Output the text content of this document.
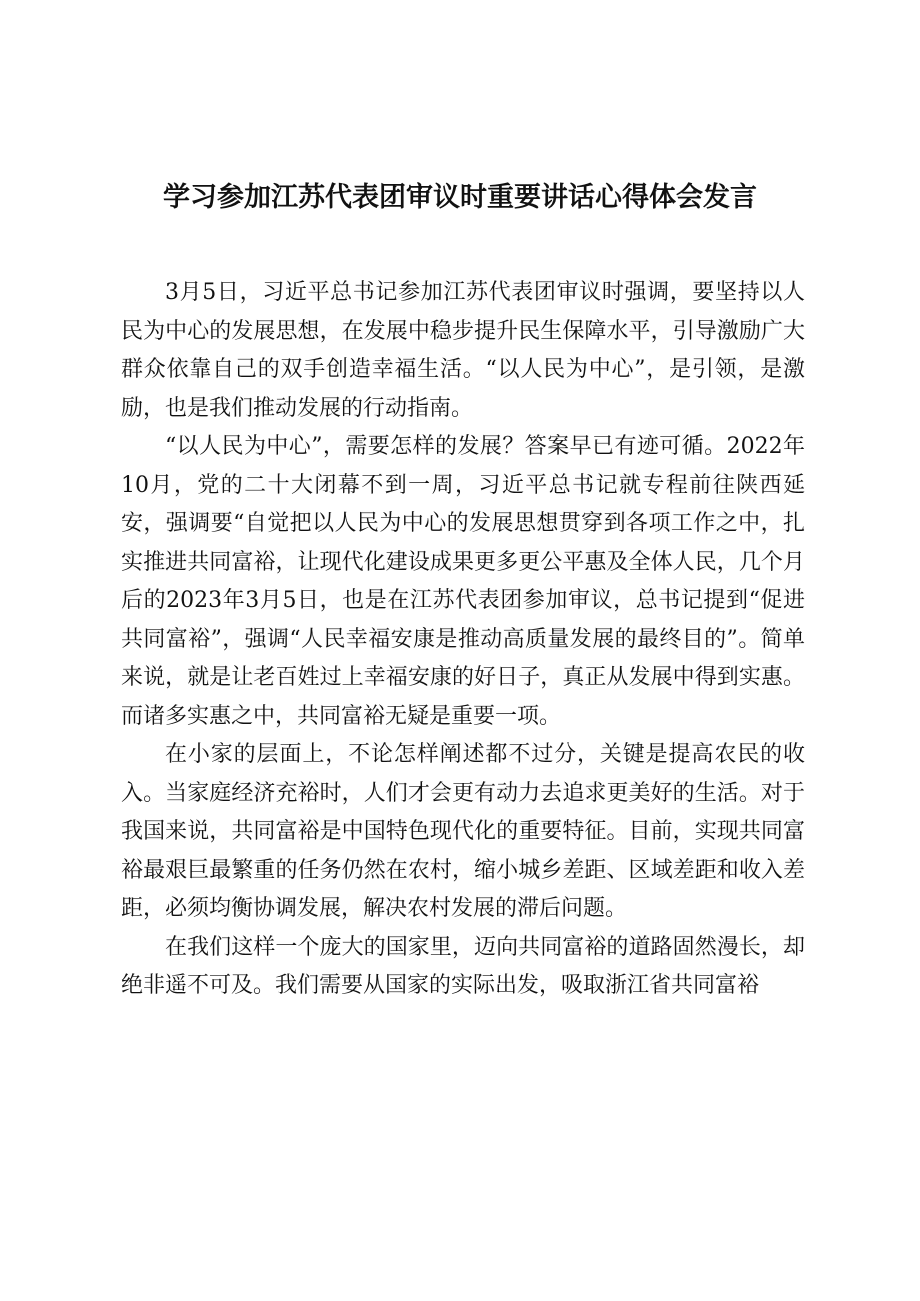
学习参加江苏代表团审议时重要讲话心得体会发言

3月5日，习近平总书记参加江苏代表团审议时强调，要坚持以人民为中心的发展思想，在发展中稳步提升民生保障水平，引导激励广大群众依靠自己的双手创造幸福生活。“以人民为中心”，是引领，是激励，也是我们推动发展的行动指南。

“以人民为中心”，需要怎样的发展？答案早已有迹可循。2022年10月，党的二十大闭幕不到一周，习近平总书记就专程前往陕西延安，强调要“自觉把以人民为中心的发展思想贯穿到各项工作之中，扎实推进共同富裕，让现代化建设成果更多更公平惠及全体人民，几个月后的2023年3月5日，也是在江苏代表团参加审议，总书记提到“促进共同富裕”，强调“人民幸福安康是推动高质量发展的最终目的”。简单来说，就是让老百姓过上幸福安康的好日子，真正从发展中得到实惠。而诸多实惠之中，共同富裕无疑是重要一项。

在小家的层面上，不论怎样阐述都不过分，关键是提高农民的收入。当家庭经济充裕时，人们才会更有动力去追求更美好的生活。对于我国来说，共同富裕是中国特色现代化的重要特征。目前，实现共同富裕最艰巨最繁重的任务仍然在农村，缩小城乡差距、区域差距和收入差距，必须均衡协调发展，解决农村发展的滞后问题。

在我们这样一个庞大的国家里，迈向共同富裕的道路固然漫长，却绝非遥不可及。我们需要从国家的实际出发，吸取浙江省共同富裕
